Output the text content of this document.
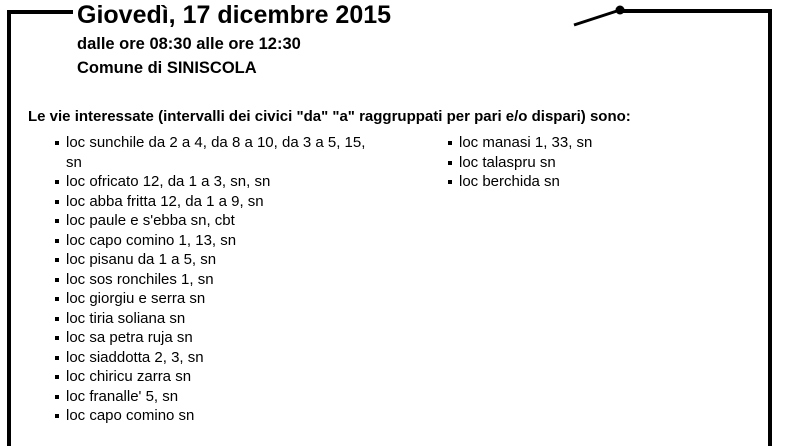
Giovedì, 17 dicembre 2015
dalle ore 08:30 alle ore 12:30
Comune di SINISCOLA
Le vie interessate (intervalli dei civici "da" "a" raggruppati per pari e/o dispari) sono:
loc sunchile da 2 a 4, da 8 a 10, da 3 a 5, 15, sn
loc ofricato 12, da 1 a 3, sn, sn
loc abba fritta 12, da 1 a 9, sn
loc paule e s'ebba sn, cbt
loc capo comino 1, 13, sn
loc pisanu da 1 a 5, sn
loc sos ronchiles 1, sn
loc giorgiu e serra sn
loc tiria soliana sn
loc sa petra ruja sn
loc siaddotta 2, 3, sn
loc chiricu zarra sn
loc franalle' 5, sn
loc capo comino sn
loc manasi 1, 33, sn
loc talaspru sn
loc berchida sn
